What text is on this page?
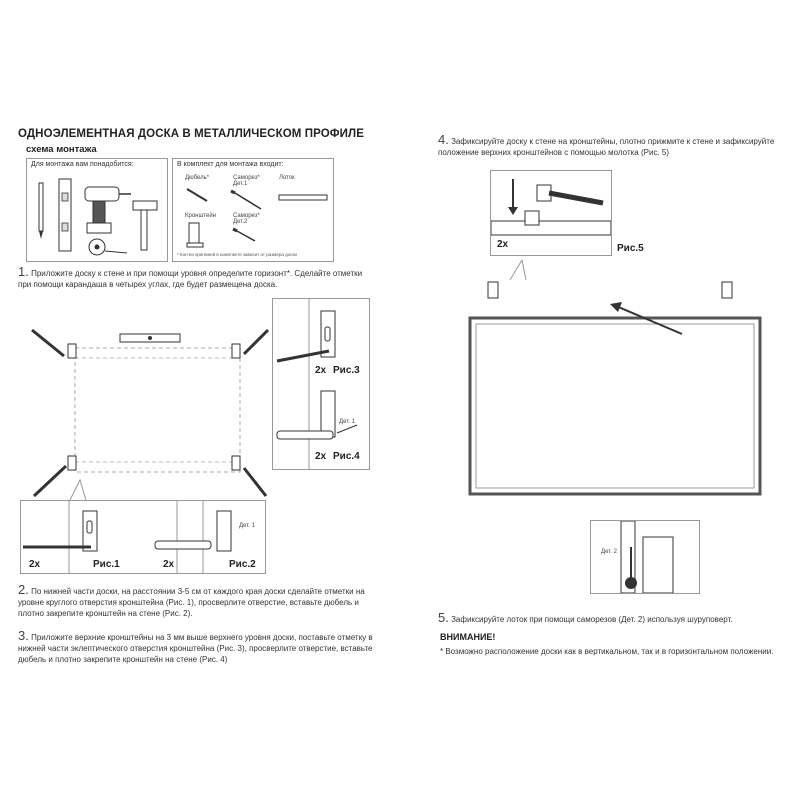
ОДНОЭЛЕМЕНТНАЯ ДОСКА В МЕТАЛЛИЧЕСКОМ ПРОФИЛЕ
схема монтажа
Для монтажа вам понадобится:	В комплект для монтажа входит:
Дюбель*	Саморез* Дет.1
Лоток
Кронштейн	Саморез* Дет.2
* Кол-во крепежей в комплекте зависит от размера доски
1. Приложите доску к стене и при помощи уровня определите горизонт*. Сделайте отметки при помощи карандаша в четырех углах, где будет размещена доска.
2x Рис.3
Дет. 1
2x Рис.4
2x	Рис.1
Дет. 1
2x	Рис.2
2. По нижней части доски, на расстоянии 3-5 см от каждого края доски сделайте отметки на уровне круглого отверстия кронштейна (Рис. 1), просверлите отверстие, вставьте дюбель и плотно закрепите кронштейн на стене (Рис. 2).
3. Приложите верхние кронштейны на 3 мм выше верхнего уровня доски, поставьте отметку в нижней части эклептического отверстия кронштейна (Рис. 3), просверлите отверстие, вставьте дюбель и плотно закрепите кронштейн на стене (Рис. 4)
4. Зафиксируйте доску к стене на кронштейны, плотно прижмите к стене и зафиксируйте положение верхних кронштейнов с помощью молотка (Рис. 5)
2x	Рис.5
Дет. 2
5. Зафиксируйте лоток при помощи саморезов (Дет. 2) используя шуруповерт.
ВНИМАНИЕ!
* Возможно расположение доски как в вертикальном, так и в горизонтальном положении.
